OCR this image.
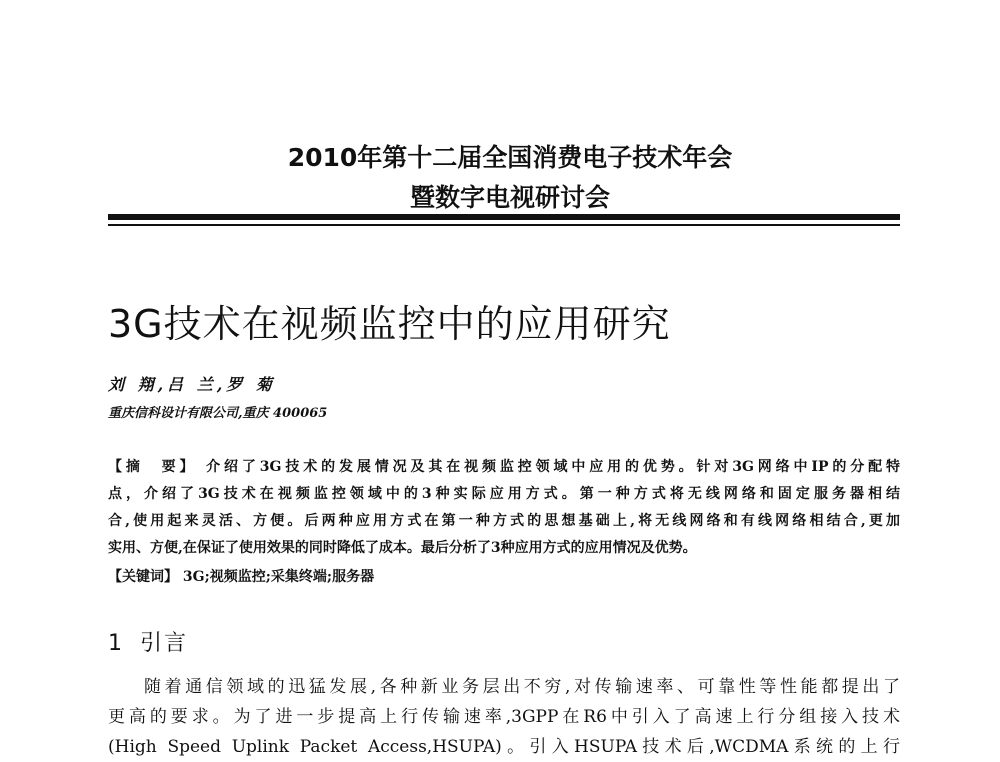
2010年第十二届全国消费电子技术年会
暨数字电视研讨会
3G技术在视频监控中的应用研究
刘 翔,吕 兰,罗 菊
重庆信科设计有限公司,重庆 400065
【摘　要】 介绍了3G技术的发展情况及其在视频监控领域中应用的优势。针对3G网络中IP的分配特
点，介绍了3G技术在视频监控领域中的3种实际应用方式。第一种方式将无线网络和固定服务器相结
合,使用起来灵活、方便。后两种应用方式在第一种方式的思想基础上,将无线网络和有线网络相结合,更加
实用、方便,在保证了使用效果的同时降低了成本。最后分析了3种应用方式的应用情况及优势。
【关键词】 3G;视频监控;采集终端;服务器
1 引言
随着通信领域的迅猛发展,各种新业务层出不穷,对传输速率、可靠性等性能都提出了
更高的要求。为了进一步提高上行传输速率,3GPP在R6中引入了高速上行分组接入技术
(High Speed Uplink Packet Access,HSUPA)。引入HSUPA技术后,WCDMA系统的上行
